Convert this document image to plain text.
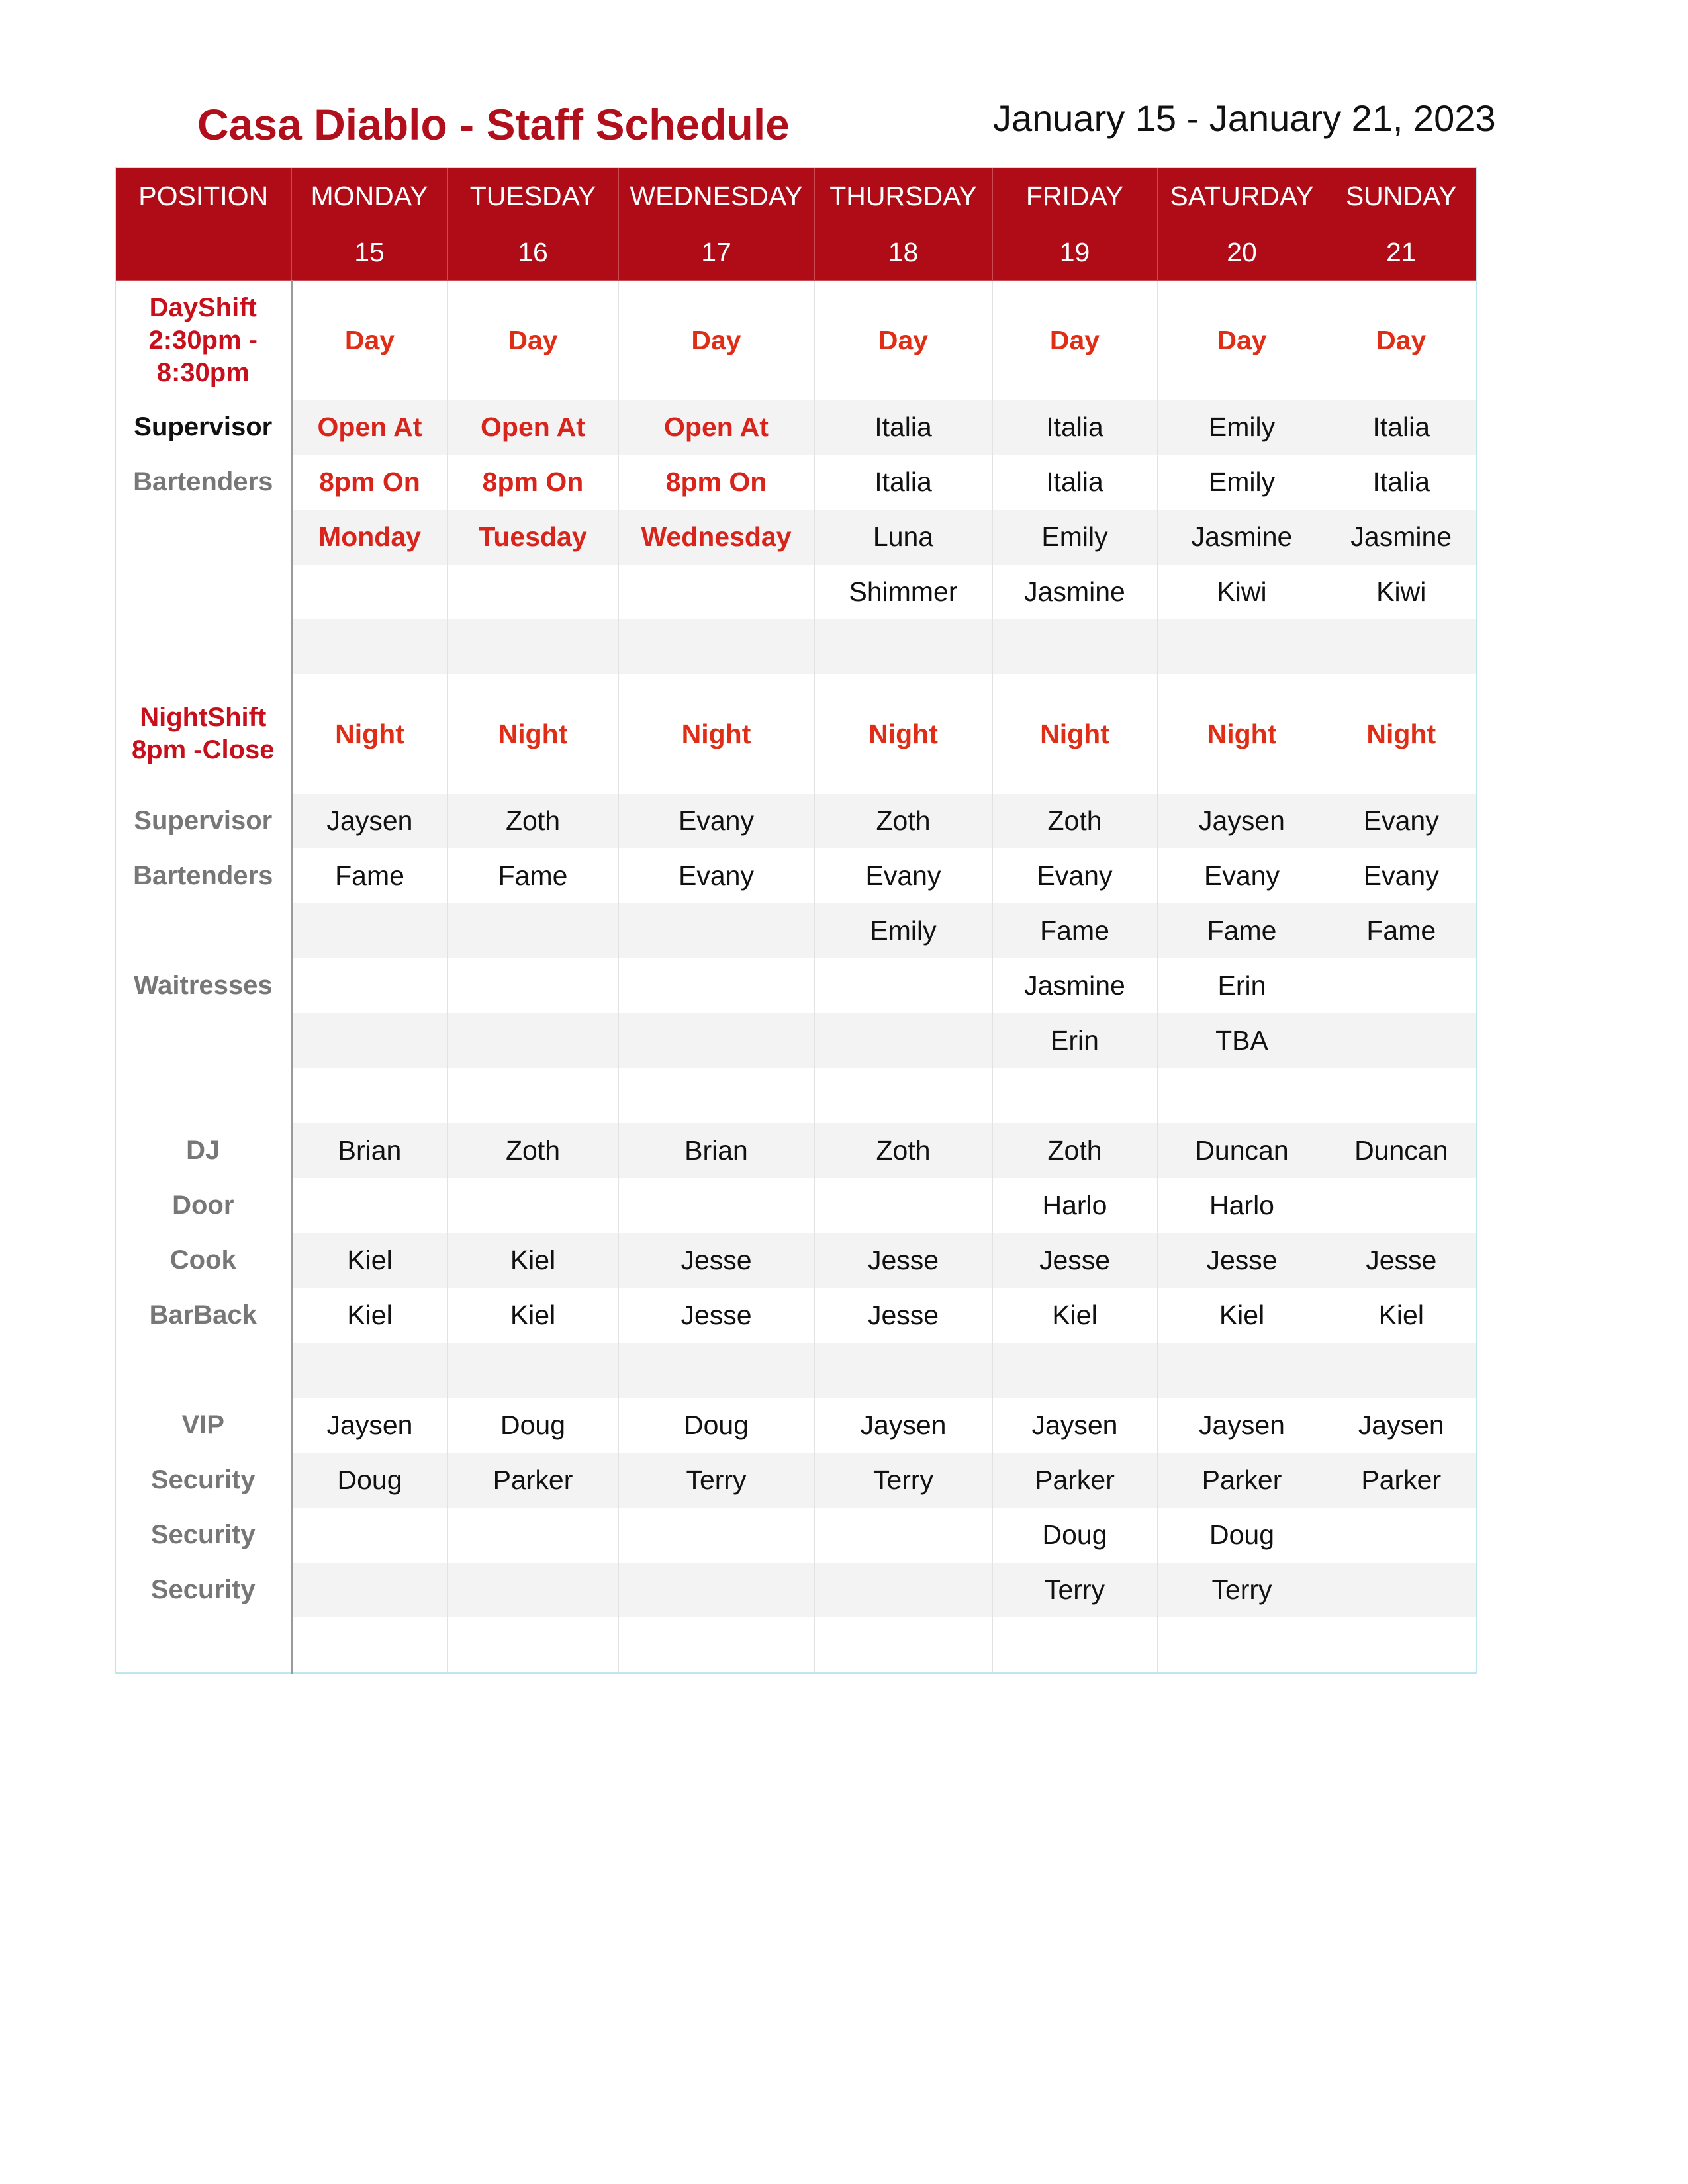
Casa Diablo - Staff Schedule	January 15 - January 21, 2023
POSITION	MONDAY	TUESDAY	WEDNESDAY	THURSDAY	FRIDAY	SATURDAY	SUNDAY
	15	16	17	18	19	20	21

DayShift
2:30pm -
8:30pm	Day	Day	Day	Day	Day	Day	Day
Supervisor	Open At	Open At	Open At	Italia	Italia	Emily	Italia
Bartenders	8pm On	8pm On	8pm On	Italia	Italia	Emily	Italia
	Monday	Tuesday	Wednesday	Luna	Emily	Jasmine	Jasmine
				Shimmer	Jasmine	Kiwi	Kiwi

NightShift
8pm -Close	Night	Night	Night	Night	Night	Night	Night
Supervisor	Jaysen	Zoth	Evany	Zoth	Zoth	Jaysen	Evany
Bartenders	Fame	Fame	Evany	Evany	Evany	Evany	Evany
				Emily	Fame	Fame	Fame
Waitresses					Jasmine	Erin	
					Erin	TBA	

DJ	Brian	Zoth	Brian	Zoth	Zoth	Duncan	Duncan
Door					Harlo	Harlo	
Cook	Kiel	Kiel	Jesse	Jesse	Jesse	Jesse	Jesse
BarBack	Kiel	Kiel	Jesse	Jesse	Kiel	Kiel	Kiel

VIP	Jaysen	Doug	Doug	Jaysen	Jaysen	Jaysen	Jaysen
Security	Doug	Parker	Terry	Terry	Parker	Parker	Parker
Security					Doug	Doug	
Security					Terry	Terry	
